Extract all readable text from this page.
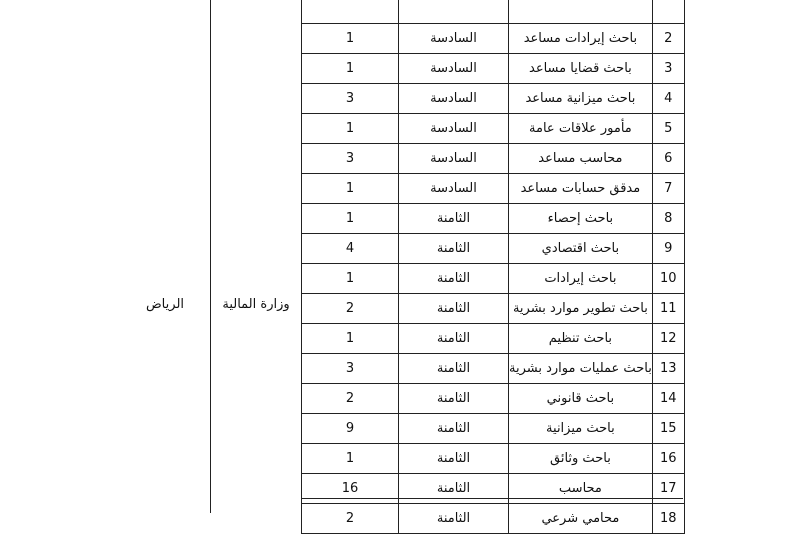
الرياض	وزارة المالية

2	باحث إيرادات مساعد	السادسة	1
3	باحث قضايا مساعد	السادسة	1
4	باحث ميزانية مساعد	السادسة	3
5	مأمور علاقات عامة	السادسة	1
6	محاسب مساعد	السادسة	3
7	مدقق حسابات مساعد	السادسة	1
8	باحث إحصاء	الثامنة	1
9	باحث اقتصادي	الثامنة	4
10	باحث إيرادات	الثامنة	1
11	باحث تطوير موارد بشرية	الثامنة	2
12	باحث تنظيم	الثامنة	1
13	باحث عمليات موارد بشرية	الثامنة	3
14	باحث قانوني	الثامنة	2
15	باحث ميزانية	الثامنة	9
16	باحث وثائق	الثامنة	1
17	محاسب	الثامنة	16
18	محامي شرعي	الثامنة	2
